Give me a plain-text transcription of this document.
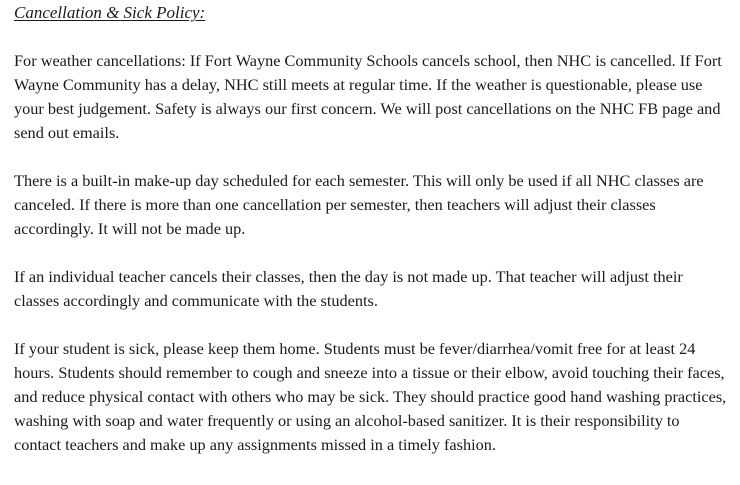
Cancellation & Sick Policy:

For weather cancellations: If Fort Wayne Community Schools cancels school, then NHC is cancelled. If Fort Wayne Community has a delay, NHC still meets at regular time. If the weather is questionable, please use your best judgement. Safety is always our first concern. We will post cancellations on the NHC FB page and send out emails.

There is a built-in make-up day scheduled for each semester. This will only be used if all NHC classes are canceled. If there is more than one cancellation per semester, then teachers will adjust their classes accordingly. It will not be made up.

If an individual teacher cancels their classes, then the day is not made up. That teacher will adjust their classes accordingly and communicate with the students.

If your student is sick, please keep them home. Students must be fever/diarrhea/vomit free for at least 24 hours. Students should remember to cough and sneeze into a tissue or their elbow, avoid touching their faces, and reduce physical contact with others who may be sick. They should practice good hand washing practices, washing with soap and water frequently or using an alcohol-based sanitizer. It is their responsibility to contact teachers and make up any assignments missed in a timely fashion.
